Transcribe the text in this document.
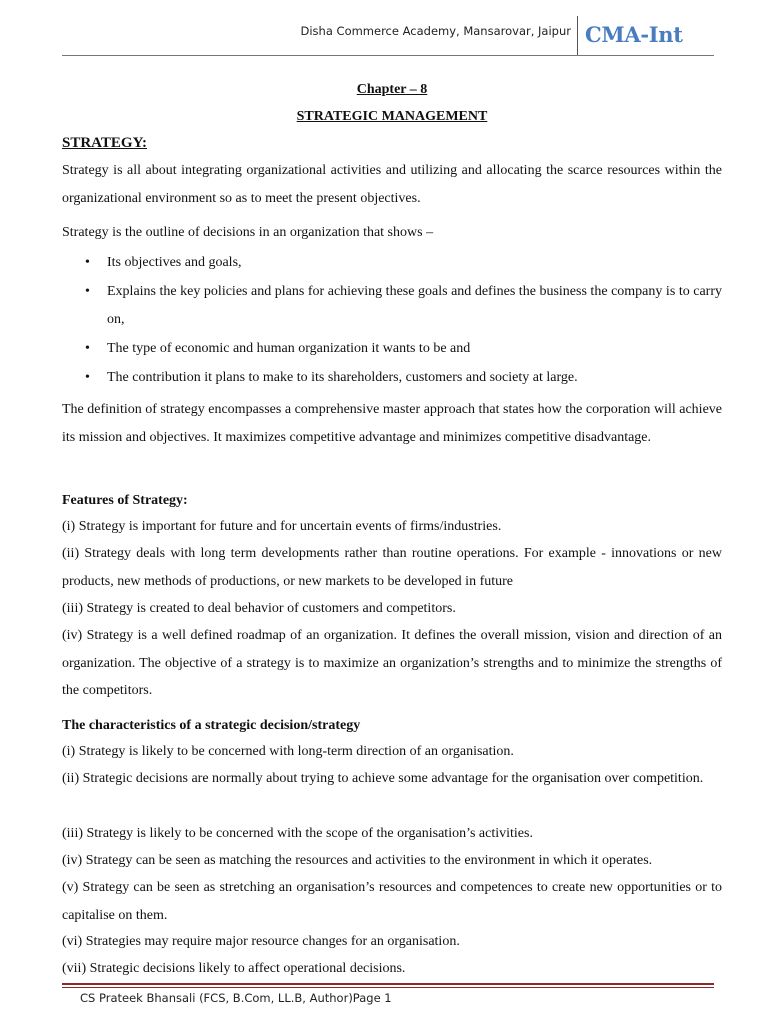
Disha Commerce Academy, Mansarovar, Jaipur CMA-Int
Chapter – 8
STRATEGIC MANAGEMENT
STRATEGY:

Strategy is all about integrating organizational activities and utilizing and allocating the scarce resources within the organizational environment so as to meet the present objectives.

Strategy is the outline of decisions in an organization that shows –

• Its objectives and goals,
• Explains the key policies and plans for achieving these goals and defines the business the company is to carry on,
• The type of economic and human organization it wants to be and
• The contribution it plans to make to its shareholders, customers and society at large.

The definition of strategy encompasses a comprehensive master approach that states how the corporation will achieve its mission and objectives. It maximizes competitive advantage and minimizes competitive disadvantage.

Features of Strategy:

(i) Strategy is important for future and for uncertain events of firms/industries.

(ii) Strategy deals with long term developments rather than routine operations. For example - innovations or new products, new methods of productions, or new markets to be developed in future

(iii) Strategy is created to deal behavior of customers and competitors.

(iv) Strategy is a well defined roadmap of an organization. It defines the overall mission, vision and direction of an organization. The objective of a strategy is to maximize an organization’s strengths and to minimize the strengths of the competitors.

The characteristics of a strategic decision/strategy

(i) Strategy is likely to be concerned with long-term direction of an organisation.

(ii) Strategic decisions are normally about trying to achieve some advantage for the organisation over competition.

(iii) Strategy is likely to be concerned with the scope of the organisation’s activities.

(iv) Strategy can be seen as matching the resources and activities to the environment in which it operates.

(v) Strategy can be seen as stretching an organisation’s resources and competences to create new opportunities or to capitalise on them.

(vi) Strategies may require major resource changes for an organisation.

(vii) Strategic decisions likely to affect operational decisions.

CS Prateek Bhansali (FCS, B.Com, LL.B, Author)Page 1
